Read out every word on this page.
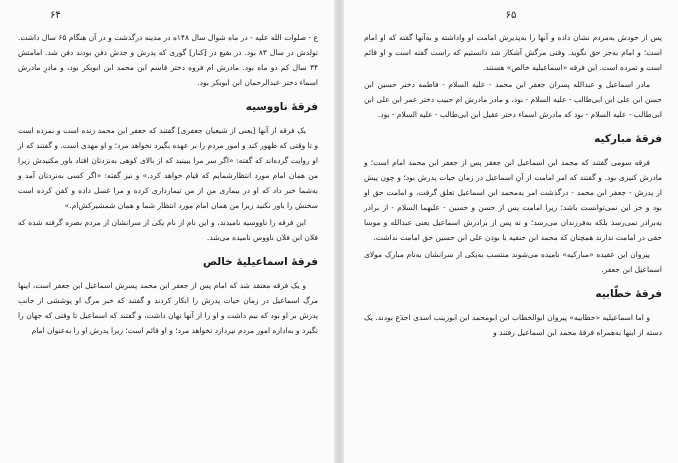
۶۴

ع - صلوات الله علیه - در ماه شوال سال ۱۴۸ه در مدینه درگذشت و در آن هنگام ۶۵ سال داشت. تولدش در سال ۸۳ بود. در بقیع در [کنار] گوری که پدرش و جدش دفن بودند دفن شد. امامتش ۳۴ سال کم دو ماه بود. مادرش ام فروه دختر قاسم ابن محمد ابن ابوبکر بود، و مادرِ مادرش اسماء دختر عبدالرحمان ابن ابوبکر بود.

فرقهٔ ناووسیه

یک فرقه از آنها [یعنی از شیعیان جعفری] گفتند که جعفر ابن محمد زنده است و نمرده است و تا وقتی که ظهور کند و امور مردم را بر عهده بگیرد نخواهد مرد؛ و او مهدی است. و گفتند که از او روایت گرده‌اند که گفته: «اگر سر مرا ببینید که از بالای کوهی به‌نزدتان افتاد باور مکنیدش زیرا من همان امام مورد انتظارشمایم که قیام خواهد کرد.» و نیز گفته: «اگر کسی به‌نزدتان آمد و به‌شما خبر داد که او در بیماری من از من تیمارداری کرده و مرا غسل داده و کفن کرده است سخنش را باور نکنید زیرا من همان امام مورد انتظار شما و همان شمشیرکش‌ام.»

این فرقه را ناووسیه نامیدند، و این نام از نام یکی از سرانشان از مردم بصره گرفته شده که فلان ابن فلان ناووس نامیده می‌شد.

فرقهٔ اسماعیلیهٔ خالص

و یک فرقه معتقد شد که امام پس از جعفر ابن محمد پسرش اسماعیل ابن جعفر است، اینها مرگ اسماعیل در زمان حیات پدرش را انکار کردند و گفتند که خبر مرگ او پوششی از جانب پدرش بر او بود که بیم داشت و او را از آنها نهان داشت، و گفتند که اسماعیل تا وقتی که جهان را نگیرد و به‌اداره امور مردم نپردازد نخواهد مرد؛ و او قائم است؛ زیرا پدرش او را به‌عنوان امام

۶۵

پس از خودش به‌مردم نشان داده و آنها را به‌پذیرش امامت او واداشته و به‌آنها گفته که او امام است؛ و امام به‌جز حق نگوید. وقتی مرگش آشکار شد دانستیم که راست گفته است و او قائم است و نمرده است. این فرقه «اسماعیلیه خالص» هستند.

مادر اسماعیل و عبدالله پسران جعفر ابن محمد - علیه السلام - فاطمه دختر حسین ابن حسن ابن علی ابن ابی‌طالب - علیه السلام - بود، و مادر مادرش ام حبیب دختر عمر ابن علی ابن ابی‌طالب - علیه السلام - بود که مادرش اسماء دختر عقیل ابن ابی‌طالب - علیه السلام - بود.

فرقهٔ مبارکیه

فرقه سومی گفتند که محمد ابن اسماعیل ابن جعفر پس از جعفر ابن محمد امام است؛ و مادرش کنیزی بود. و گفتند که امر امامت از آنِ اسماعیل در زمان حیات پدرش بود؛ و چون پیش از پدرش - جعفر ابن محمد - درگذشت امر به‌محمد ابن اسماعیل تعلق گرفت، و امامت حق او بود و جز این نمی‌توانست باشد؛ زیرا امامت پس از حسن و حسین - علیهما السلام - از برادر به‌برادر نمی‌رسد بلکه به‌فرزندان می‌رسد؛ و نه پس از برادرش اسماعیل یعنی عبدالله و موسا حقی در امامت ندارند همچنان که محمد ابن حنفیه با بودن علی ابن حسین حق امامت نداشت.

پیروان این عقیده «مبارکیه» نامیده می‌شوند منتسب به‌یکی از سرانشان به‌نام مبارک مولای اسماعیل ابن جعفر.

فرقهٔ خطّابیه

و اما اسماعیلیه «خطابیه» پیروان ابوالخطاب ابن ابومحمد ابن ابوزینب اسدی اجدَع بودند. یک دسته از اینها به‌همراه فرقهٔ محمد ابن اسماعیل رفتند و
